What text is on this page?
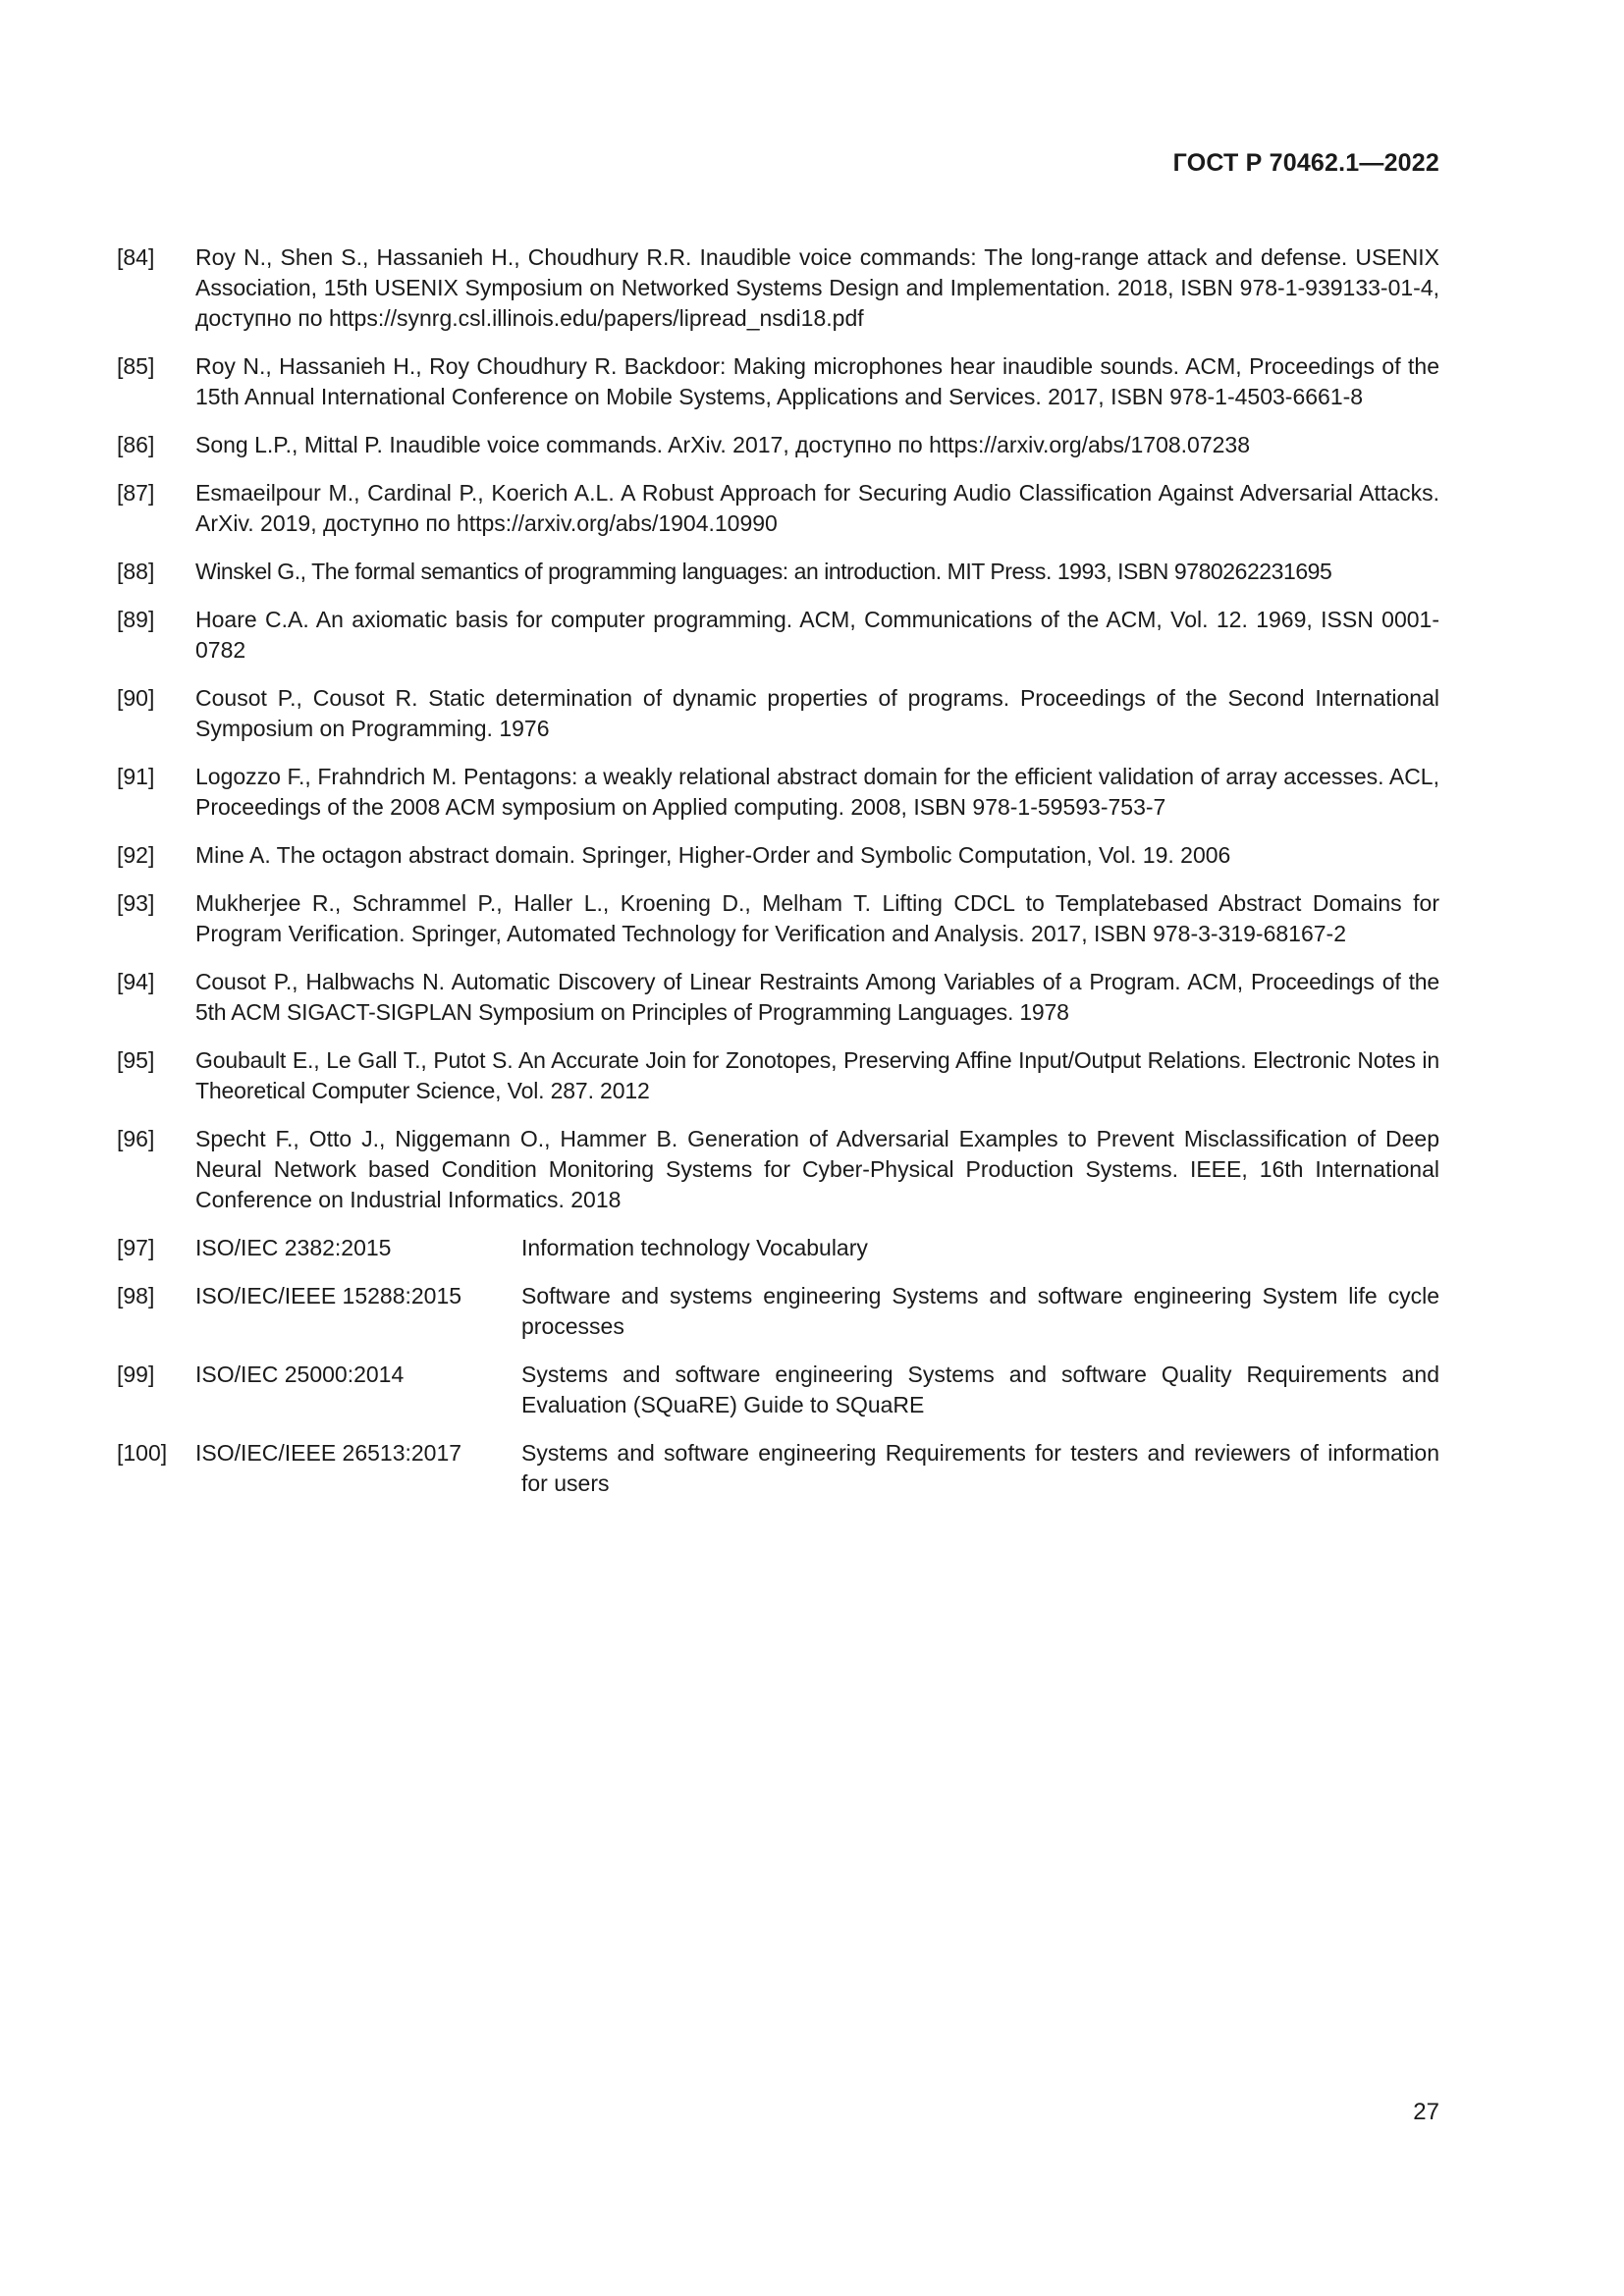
ГОСТ Р 70462.1—2022
[84]	Roy N., Shen S., Hassanieh H., Choudhury R.R. Inaudible voice commands: The long-range attack and defense. USENIX Association, 15th USENIX Symposium on Networked Systems Design and Implementation. 2018, ISBN 978-1-939133-01-4, доступно по https://synrg.csl.illinois.edu/papers/lipread_nsdi18.pdf
[85]	Roy N., Hassanieh H., Roy Choudhury R. Backdoor: Making microphones hear inaudible sounds. ACM, Proceedings of the 15th Annual International Conference on Mobile Systems, Applications and Services. 2017, ISBN 978-1-4503-6661-8
[86]	Song L.P., Mittal P. Inaudible voice commands. ArXiv. 2017, доступно по https://arxiv.org/abs/1708.07238
[87]	Esmaeilpour M., Cardinal P., Koerich A.L. A Robust Approach for Securing Audio Classification Against Adversarial Attacks. ArXiv. 2019, доступно по https://arxiv.org/abs/1904.10990
[88]	Winskel G., The formal semantics of programming languages: an introduction. MIT Press. 1993, ISBN 9780262231695
[89]	Hoare C.A. An axiomatic basis for computer programming. ACM, Communications of the ACM, Vol. 12. 1969, ISSN 0001-0782
[90]	Cousot P., Cousot R. Static determination of dynamic properties of programs. Proceedings of the Second International Symposium on Programming. 1976
[91]	Logozzo F., Frahndrich M. Pentagons: a weakly relational abstract domain for the efficient validation of array accesses. ACL, Proceedings of the 2008 ACM symposium on Applied computing. 2008, ISBN 978-1-59593-753-7
[92]	Mine A. The octagon abstract domain. Springer, Higher-Order and Symbolic Computation, Vol. 19. 2006
[93]	Mukherjee R., Schrammel P., Haller L., Kroening D., Melham T. Lifting CDCL to Templatebased Abstract Domains for Program Verification. Springer, Automated Technology for Verification and Analysis. 2017, ISBN 978-3-319-68167-2
[94]	Cousot P., Halbwachs N. Automatic Discovery of Linear Restraints Among Variables of a Program. ACM, Proceedings of the 5th ACM SIGACT-SIGPLAN Symposium on Principles of Programming Languages. 1978
[95]	Goubault E., Le Gall T., Putot S. An Accurate Join for Zonotopes, Preserving Affine Input/Output Relations. Electronic Notes in Theoretical Computer Science, Vol. 287. 2012
[96]	Specht F., Otto J., Niggemann O., Hammer B. Generation of Adversarial Examples to Prevent Misclassification of Deep Neural Network based Condition Monitoring Systems for Cyber-Physical Production Systems. IEEE, 16th International Conference on Industrial Informatics. 2018
[97]	ISO/IEC 2382:2015	Information technology Vocabulary
[98]	ISO/IEC/IEEE 15288:2015	Software and systems engineering Systems and software engineering System life cycle processes
[99]	ISO/IEC 25000:2014	Systems and software engineering Systems and software Quality Requirements and Evaluation (SQuaRE) Guide to SQuaRE
[100]	ISO/IEC/IEEE 26513:2017	Systems and software engineering Requirements for testers and reviewers of information for users
27
